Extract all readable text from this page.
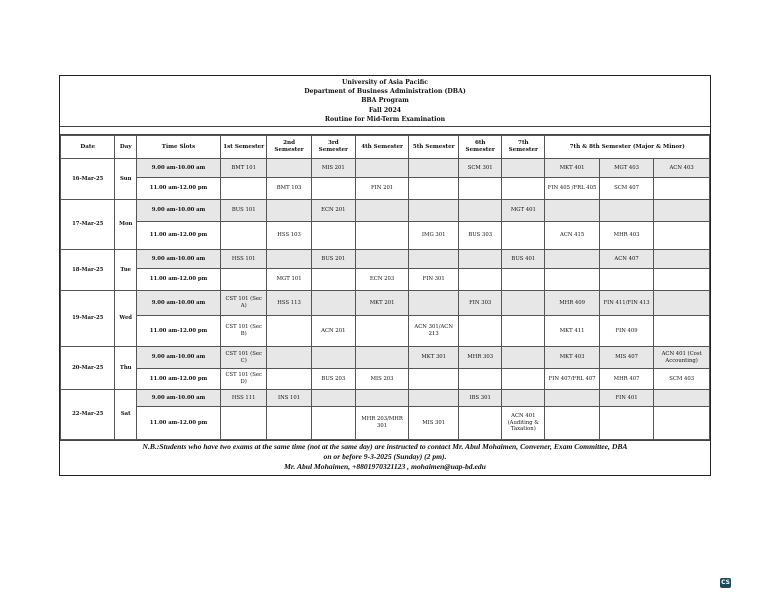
University of Asia Pacific
Department of Business Administration (DBA)
BBA Program
Fall 2024
Routine for Mid-Term Examination
Date	Day	Time Slots	1st Semester	2nd Semester	3rd Semester	4th Semester	5th Semester	6th Semester	7th Semester	7th & 8th Semester (Major & Minor)		
16-Mar-25	Sun	9.00 am-10.00 am	BMT 101		MIS 201			SCM 301		MKT 401	MGT 403	ACN 403
		11.00 am-12.00 pm		BMT 103		FIN 201				FIN 405 /FRL 405	SCM 407	
17-Mar-25	Mon	9.00 am-10.00 am	BUS 101		ECN 201				MGT 401			
		11.00 am-12.00 pm		HSS 103			IMG 301	BUS 303		ACN 415	MHR 403	
18-Mar-25	Tue	9.00 am-10.00 am	HSS 101		BUS 201				BUS 401		ACN 407	
		11.00 am-12.00 pm		MGT 101		ECN 203	FIN 301					
19-Mar-25	Wed	9.00 am-10.00 am	CST 101 (Sec A)	HSS 113		MKT 201		FIN 303		MHR 409	FIN 411/FIN 413	
		11.00 am-12.00 pm	CST 101 (Sec B)		ACN 201		ACN 301/ACN 213			MKT 411	FIN 409	
20-Mar-25	Thu	9.00 am-10.00 am	CST 101 (Sec C)				MKT 301	MHR 303		MKT 403	MIS 407	ACN 401 (Cost Accounting)
		11.00 am-12.00 pm	CST 101 (Sec D)		BUS 203	MIS 203				FIN 407/FRL 407	MHR 407	SCM 403
22-Mar-25	Sat	9.00 am-10.00 am	HSS 111	INS 101				IBS 301			FIN 401	
		11.00 am-12.00 pm				MHR 203/MHR 301	MIS 301		ACN 401 (Auditing & Taxation)			
N.B.:Students who have two exams at the same time (not at the same day) are instructed to contact Mr. Abul Mohaimen, Convener, Exam Committee, DBA
on or before 9-3-2025 (Sunday) (2 pm).
Mr. Abul Mohaimen, +8801970321123 , mohaimen@uap-bd.edu
CS
